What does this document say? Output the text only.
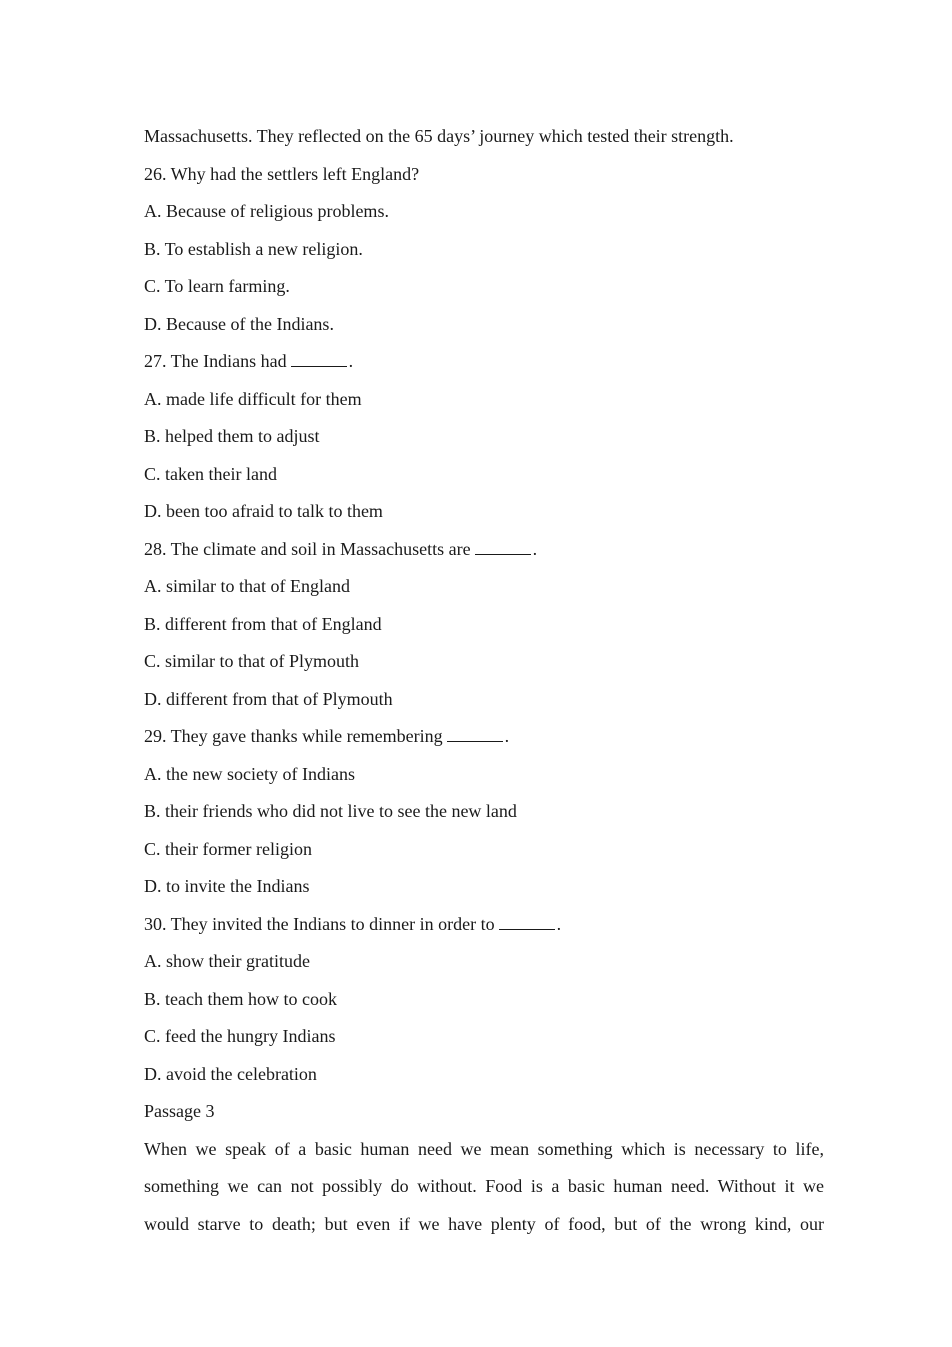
Massachusetts. They reflected on the 65 days’ journey which tested their strength.
26. Why had the settlers left England?
A. Because of religious problems.
B. To establish a new religion.
C. To learn farming.
D. Because of the Indians.
27. The Indians had	.
A. made life difficult for them
B. helped them to adjust
C. taken their land
D. been too afraid to talk to them
28. The climate and soil in Massachusetts are	.
A. similar to that of England
B. different from that of England
C. similar to that of Plymouth
D. different from that of Plymouth
29. They gave thanks while remembering	.
A. the new society of Indians
B. their friends who did not live to see the new land
C. their former religion
D. to invite the Indians
30. They invited the Indians to dinner in order to	.
A. show their gratitude
B. teach them how to cook
C. feed the hungry Indians
D. avoid the celebration
Passage 3
When we speak of a basic human need we mean something which is necessary to life,
something we can not possibly do without. Food is a basic human need. Without it we
would starve to death; but even if we have plenty of food, but of the wrong kind, our
